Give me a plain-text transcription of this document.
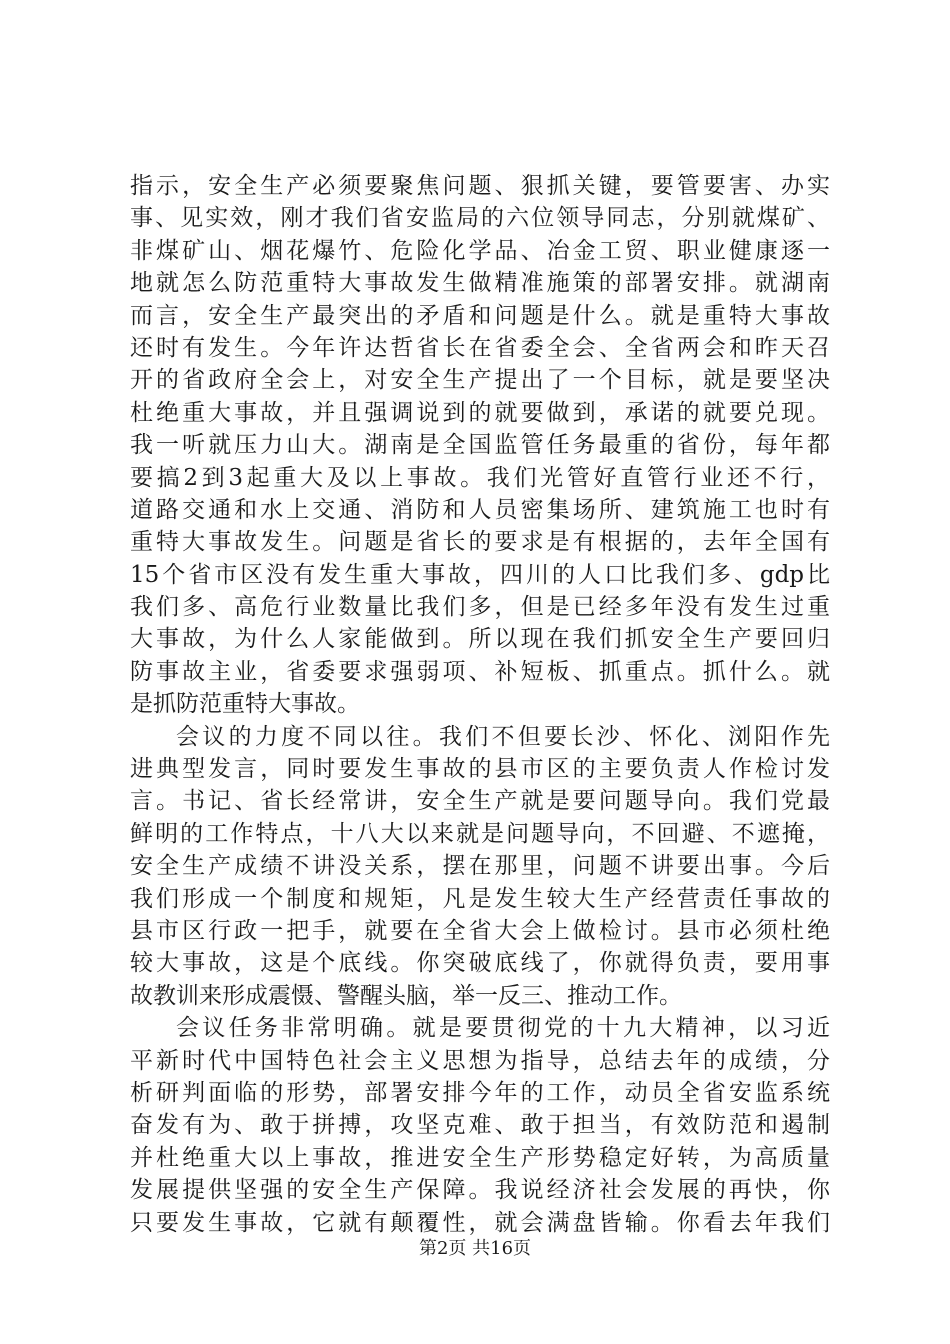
指示，安全生产必须要聚焦问题、狠抓关键，要管要害、办实
事、见实效，刚才我们省安监局的六位领导同志，分别就煤矿、
非煤矿山、烟花爆竹、危险化学品、冶金工贸、职业健康逐一
地就怎么防范重特大事故发生做精准施策的部署安排。就湖南
而言，安全生产最突出的矛盾和问题是什么。就是重特大事故
还时有发生。今年许达哲省长在省委全会、全省两会和昨天召
开的省政府全会上，对安全生产提出了一个目标，就是要坚决
杜绝重大事故，并且强调说到的就要做到，承诺的就要兑现。
我一听就压力山大。湖南是全国监管任务最重的省份，每年都
要搞2到3起重大及以上事故。我们光管好直管行业还不行，
道路交通和水上交通、消防和人员密集场所、建筑施工也时有
重特大事故发生。问题是省长的要求是有根据的，去年全国有
15个省市区没有发生重大事故，四川的人口比我们多、gdp比
我们多、高危行业数量比我们多，但是已经多年没有发生过重
大事故，为什么人家能做到。所以现在我们抓安全生产要回归
防事故主业，省委要求强弱项、补短板、抓重点。抓什么。就
是抓防范重特大事故。
会议的力度不同以往。我们不但要长沙、怀化、浏阳作先
进典型发言，同时要发生事故的县市区的主要负责人作检讨发
言。书记、省长经常讲，安全生产就是要问题导向。我们党最
鲜明的工作特点，十八大以来就是问题导向，不回避、不遮掩，
安全生产成绩不讲没关系，摆在那里，问题不讲要出事。今后
我们形成一个制度和规矩，凡是发生较大生产经营责任事故的
县市区行政一把手，就要在全省大会上做检讨。县市必须杜绝
较大事故，这是个底线。你突破底线了，你就得负责，要用事
故教训来形成震慑、警醒头脑，举一反三、推动工作。
会议任务非常明确。就是要贯彻党的十九大精神，以习近
平新时代中国特色社会主义思想为指导，总结去年的成绩，分
析研判面临的形势，部署安排今年的工作，动员全省安监系统
奋发有为、敢于拼搏，攻坚克难、敢于担当，有效防范和遏制
并杜绝重大以上事故，推进安全生产形势稳定好转，为高质量
发展提供坚强的安全生产保障。我说经济社会发展的再快，你
只要发生事故，它就有颠覆性，就会满盘皆输。你看去年我们
第2页 共16页
